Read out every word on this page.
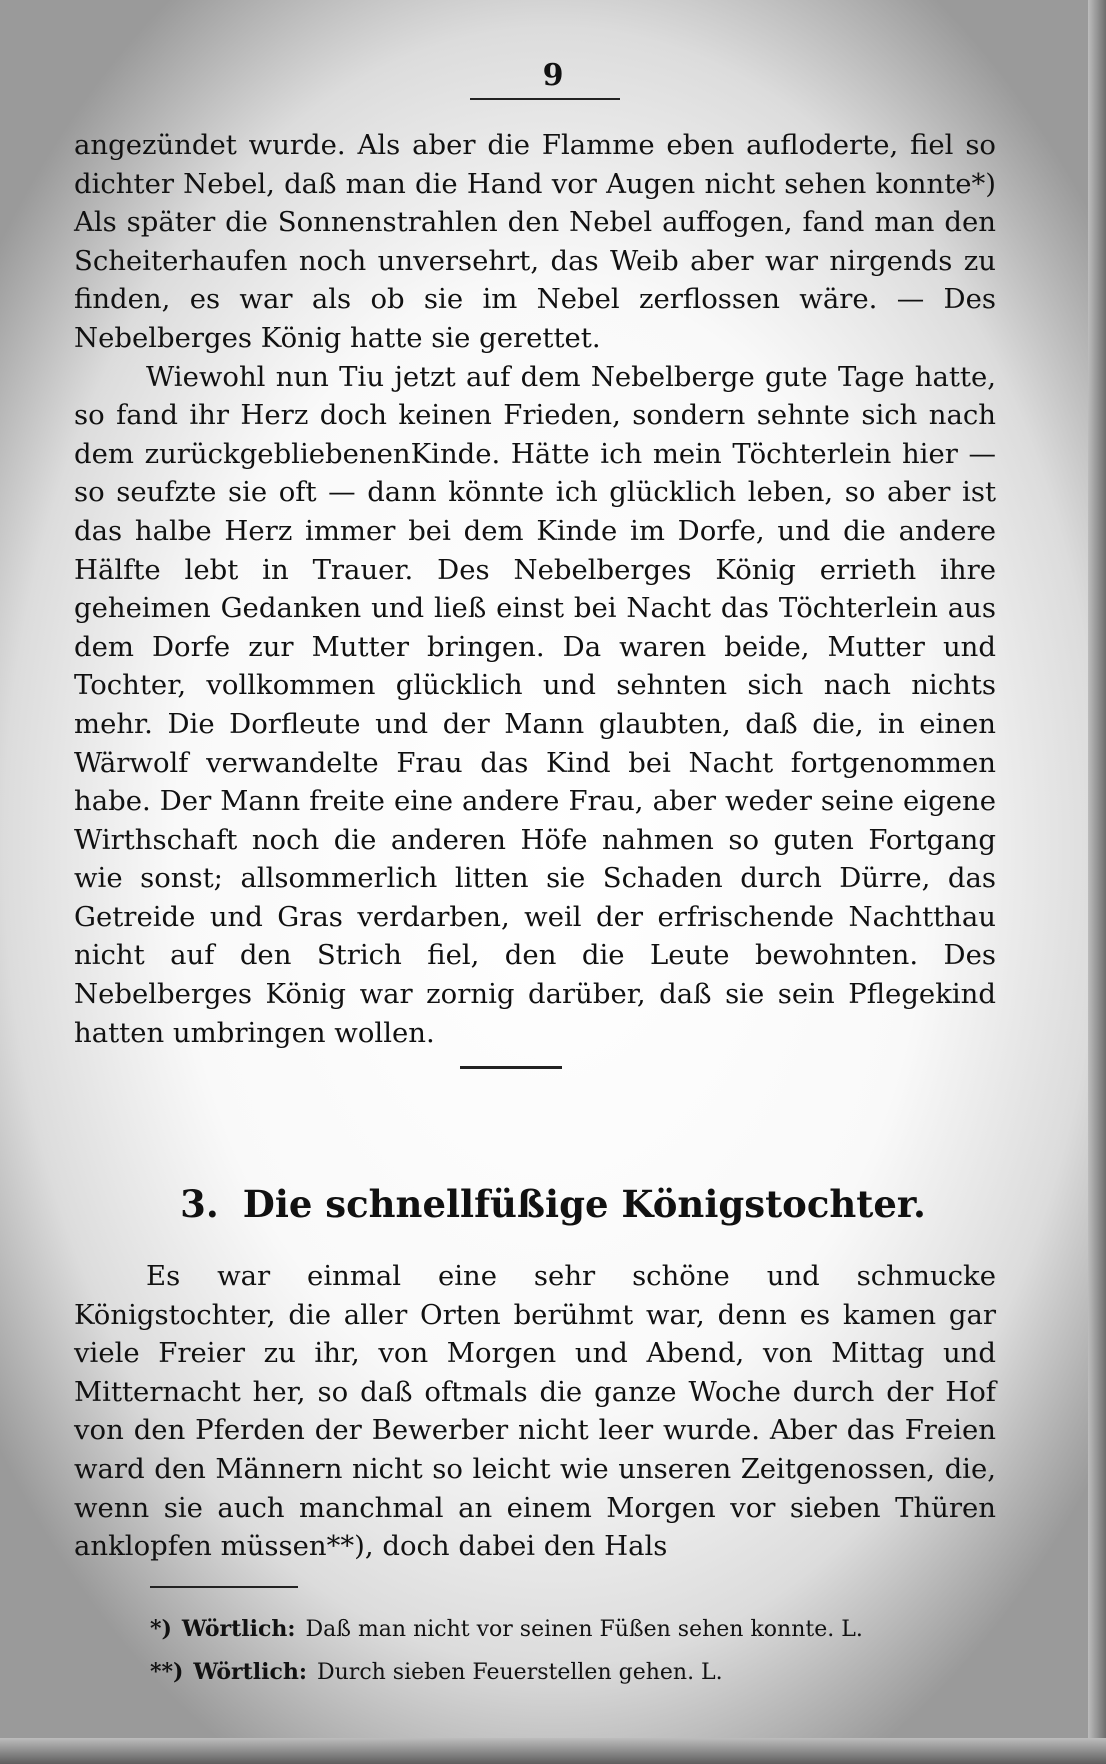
9

angezündet wurde. Als aber die Flamme eben aufloderte, fiel so dichter Nebel, daß man die Hand vor Augen nicht sehen konnte*) Als später die Sonnenstrahlen den Nebel auffogen, fand man den Scheiterhaufen noch unversehrt, das Weib aber war nirgends zu finden, es war als ob sie im Nebel zerflossen wäre. — Des Nebelberges König hatte sie gerettet.

Wiewohl nun Tiu jetzt auf dem Nebelberge gute Tage hatte, so fand ihr Herz doch keinen Frieden, sondern sehnte sich nach dem zurückgebliebenenKinde. Hätte ich mein Töchterlein hier — so seufzte sie oft — dann könnte ich glücklich leben, so aber ist das halbe Herz immer bei dem Kinde im Dorfe, und die andere Hälfte lebt in Trauer. Des Nebelberges König errieth ihre geheimen Gedanken und ließ einst bei Nacht das Töchterlein aus dem Dorfe zur Mutter bringen. Da waren beide, Mutter und Tochter, vollkommen glücklich und sehnten sich nach nichts mehr. Die Dorfleute und der Mann glaubten, daß die, in einen Wärwolf verwandelte Frau das Kind bei Nacht fortgenommen habe. Der Mann freite eine andere Frau, aber weder seine eigene Wirthschaft noch die anderen Höfe nahmen so guten Fortgang wie sonst; allsommerlich litten sie Schaden durch Dürre, das Getreide und Gras verdarben, weil der erfrischende Nachtthau nicht auf den Strich fiel, den die Leute bewohnten. Des Nebelberges König war zornig darüber, daß sie sein Pflegekind hatten umbringen wollen.

3. Die schnellfüßige Königstochter.

Es war einmal eine sehr schöne und schmucke Königstochter, die aller Orten berühmt war, denn es kamen gar viele Freier zu ihr, von Morgen und Abend, von Mittag und Mitternacht her, so daß oftmals die ganze Woche durch der Hof von den Pferden der Bewerber nicht leer wurde. Aber das Freien ward den Männern nicht so leicht wie unseren Zeitgenossen, die, wenn sie auch manchmal an einem Morgen vor sieben Thüren anklopfen müssen**), doch dabei den Hals

*) Wörtlich: Daß man nicht vor seinen Füßen sehen konnte. L.
**) Wörtlich: Durch sieben Feuerstellen gehen. L.
